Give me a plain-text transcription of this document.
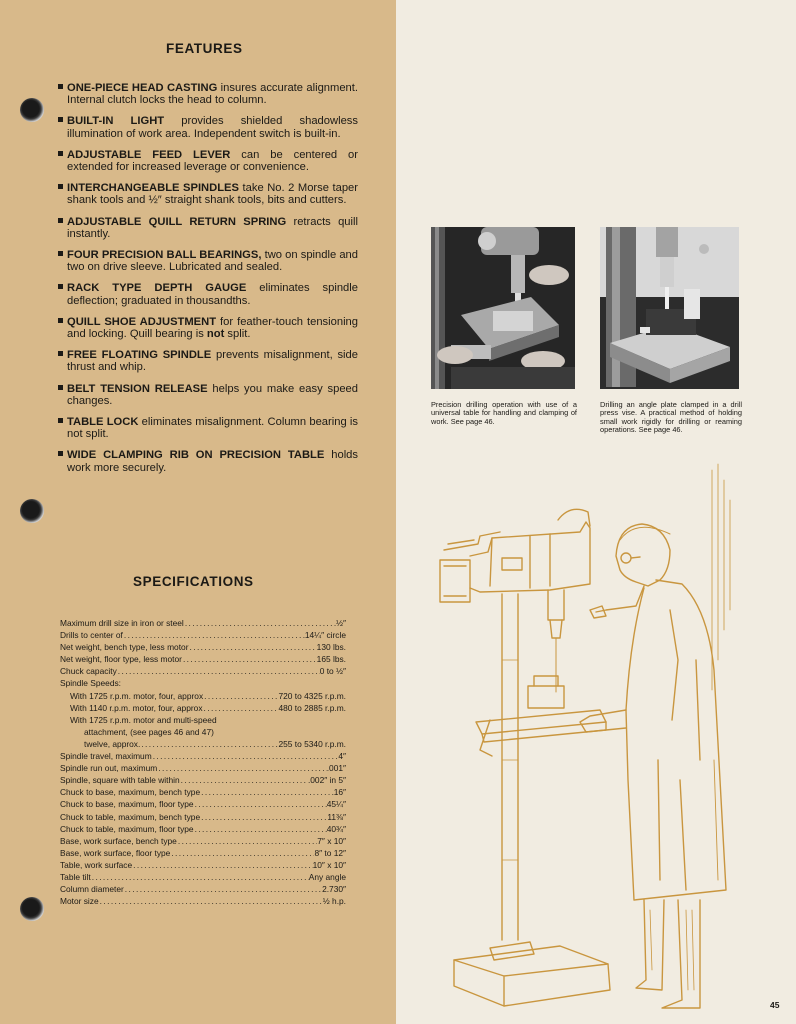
FEATURES
ONE-PIECE HEAD CASTING insures accurate alignment. Internal clutch locks the head to column.
BUILT-IN LIGHT provides shielded shadowless illumination of work area. Independent switch is built-in.
ADJUSTABLE FEED LEVER can be centered or extended for increased leverage or convenience.
INTERCHANGEABLE SPINDLES take No. 2 Morse taper shank tools and ½″ straight shank tools, bits and cutters.
ADJUSTABLE QUILL RETURN SPRING retracts quill instantly.
FOUR PRECISION BALL BEARINGS, two on spindle and two on drive sleeve. Lubricated and sealed.
RACK TYPE DEPTH GAUGE eliminates spindle deflection; graduated in thousandths.
QUILL SHOE ADJUSTMENT for feather-touch tensioning and locking. Quill bearing is not split.
FREE FLOATING SPINDLE prevents misalignment, side thrust and whip.
BELT TENSION RELEASE helps you make easy speed changes.
TABLE LOCK eliminates misalignment. Column bearing is not split.
WIDE CLAMPING RIB ON PRECISION TABLE holds work more securely.
SPECIFICATIONS
Maximum drill size in iron or steel .....	½″
Drills to center of .....	14¼″ circle
Net weight, bench type, less motor .....	130 lbs.
Net weight, floor type, less motor .....	165 lbs.
Chuck capacity .....	0 to ½″
Spindle Speeds:
With 1725 r.p.m. motor, four, approx .....	720 to 4325 r.p.m.
With 1140 r.p.m. motor, four, approx .....	480 to 2885 r.p.m.
With 1725 r.p.m. motor and multi-speed
attachment, (see pages 46 and 47)
twelve, approx. .....	255 to 5340 r.p.m.
Spindle travel, maximum .....	4″
Spindle run out, maximum .....	.001″
Spindle, square with table within .....	.002″ in 5″
Chuck to base, maximum, bench type .....	16″
Chuck to base, maximum, floor type .....	45¼″
Chuck to table, maximum, bench type .....	11⅜″
Chuck to table, maximum, floor type .....	40¾″
Base, work surface, bench type .....	7″ x 10″
Base, work surface, floor type .....	8″ to 12″
Table, work surface .....	10″ x 10″
Table tilt .....	Any angle
Column diameter .....	2.730″
Motor size .....	½ h.p.
Precision drilling operation with use of a universal table for handling and clamping of work. See page 46.
Drilling an angle plate clamped in a drill press vise. A practical method of holding small work rigidly for drilling or reaming operations. See page 46.
45
